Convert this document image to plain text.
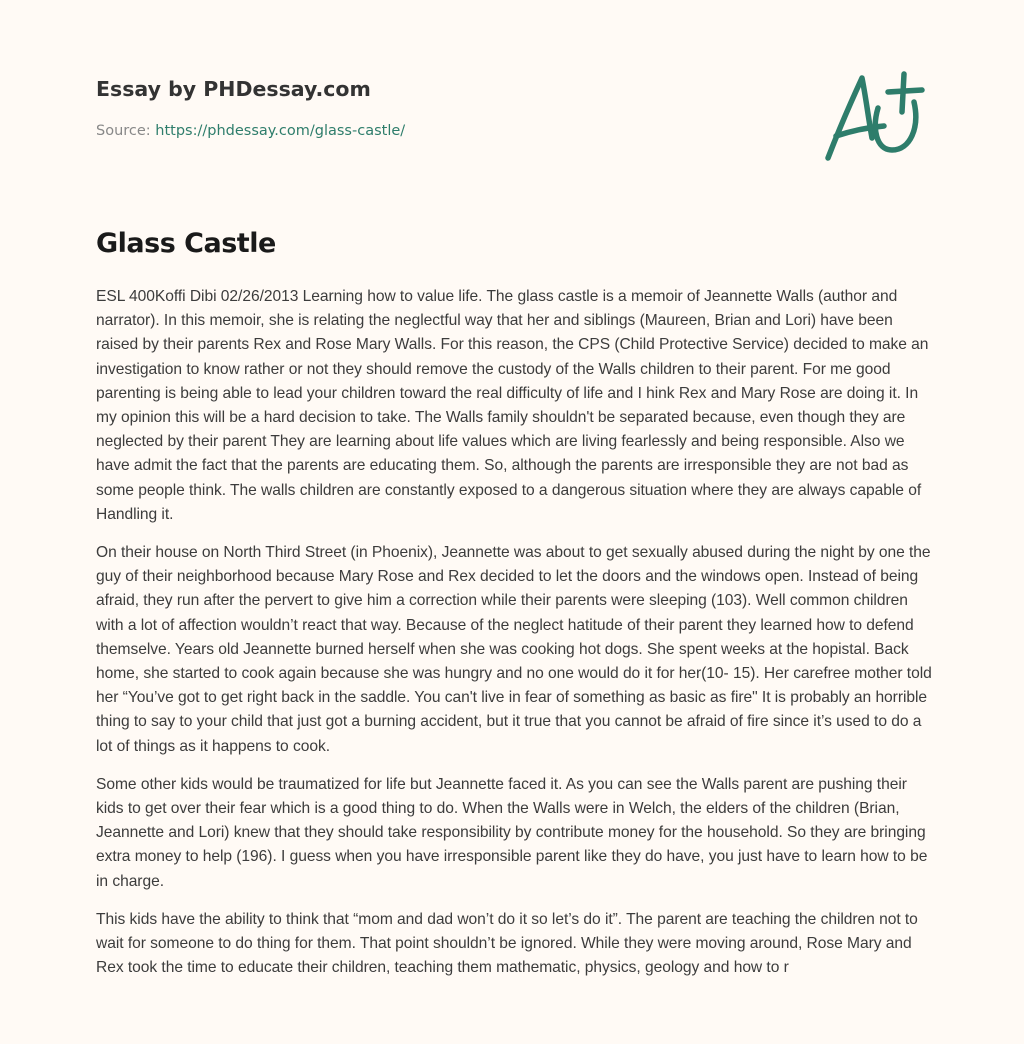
Essay by PHDessay.com
Source: https://phdessay.com/glass-castle/
Glass Castle

ESL 400Koffi Dibi 02/26/2013 Learning how to value life. The glass castle is a memoir of Jeannette Walls (author and narrator). In this memoir, she is relating the neglectful way that her and siblings (Maureen, Brian and Lori) have been raised by their parents Rex and Rose Mary Walls. For this reason, the CPS (Child Protective Service) decided to make an investigation to know rather or not they should remove the custody of the Walls children to their parent. For me good parenting is being able to lead your children toward the real difficulty of life and I hink Rex and Mary Rose are doing it. In my opinion this will be a hard decision to take. The Walls family shouldn't be separated because, even though they are neglected by their parent They are learning about life values which are living fearlessly and being responsible. Also we have admit the fact that the parents are educating them. So, although the parents are irresponsible they are not bad as some people think. The walls children are constantly exposed to a dangerous situation where they are always capable of Handling it.

On their house on North Third Street (in Phoenix), Jeannette was about to get sexually abused during the night by one the guy of their neighborhood because Mary Rose and Rex decided to let the doors and the windows open. Instead of being afraid, they run after the pervert to give him a correction while their parents were sleeping (103). Well common children with a lot of affection wouldn’t react that way. Because of the neglect hatitude of their parent they learned how to defend themselve. Years old Jeannette burned herself when she was cooking hot dogs. She spent weeks at the hopistal. Back home, she started to cook again because she was hungry and no one would do it for her(10- 15). Her carefree mother told her “You’ve got to get right back in the saddle. You can't live in fear of something as basic as fire" It is probably an horrible thing to say to your child that just got a burning accident, but it true that you cannot be afraid of fire since it’s used to do a lot of things as it happens to cook.

Some other kids would be traumatized for life but Jeannette faced it. As you can see the Walls parent are pushing their kids to get over their fear which is a good thing to do. When the Walls were in Welch, the elders of the children (Brian, Jeannette and Lori) knew that they should take responsibility by contribute money for the household. So they are bringing extra money to help (196). I guess when you have irresponsible parent like they do have, you just have to learn how to be in charge.

This kids have the ability to think that “mom and dad won’t do it so let’s do it”. The parent are teaching the children not to wait for someone to do thing for them. That point shouldn’t be ignored. While they were moving around, Rose Mary and Rex took the time to educate their children, teaching them mathematic, physics, geology and how to r
